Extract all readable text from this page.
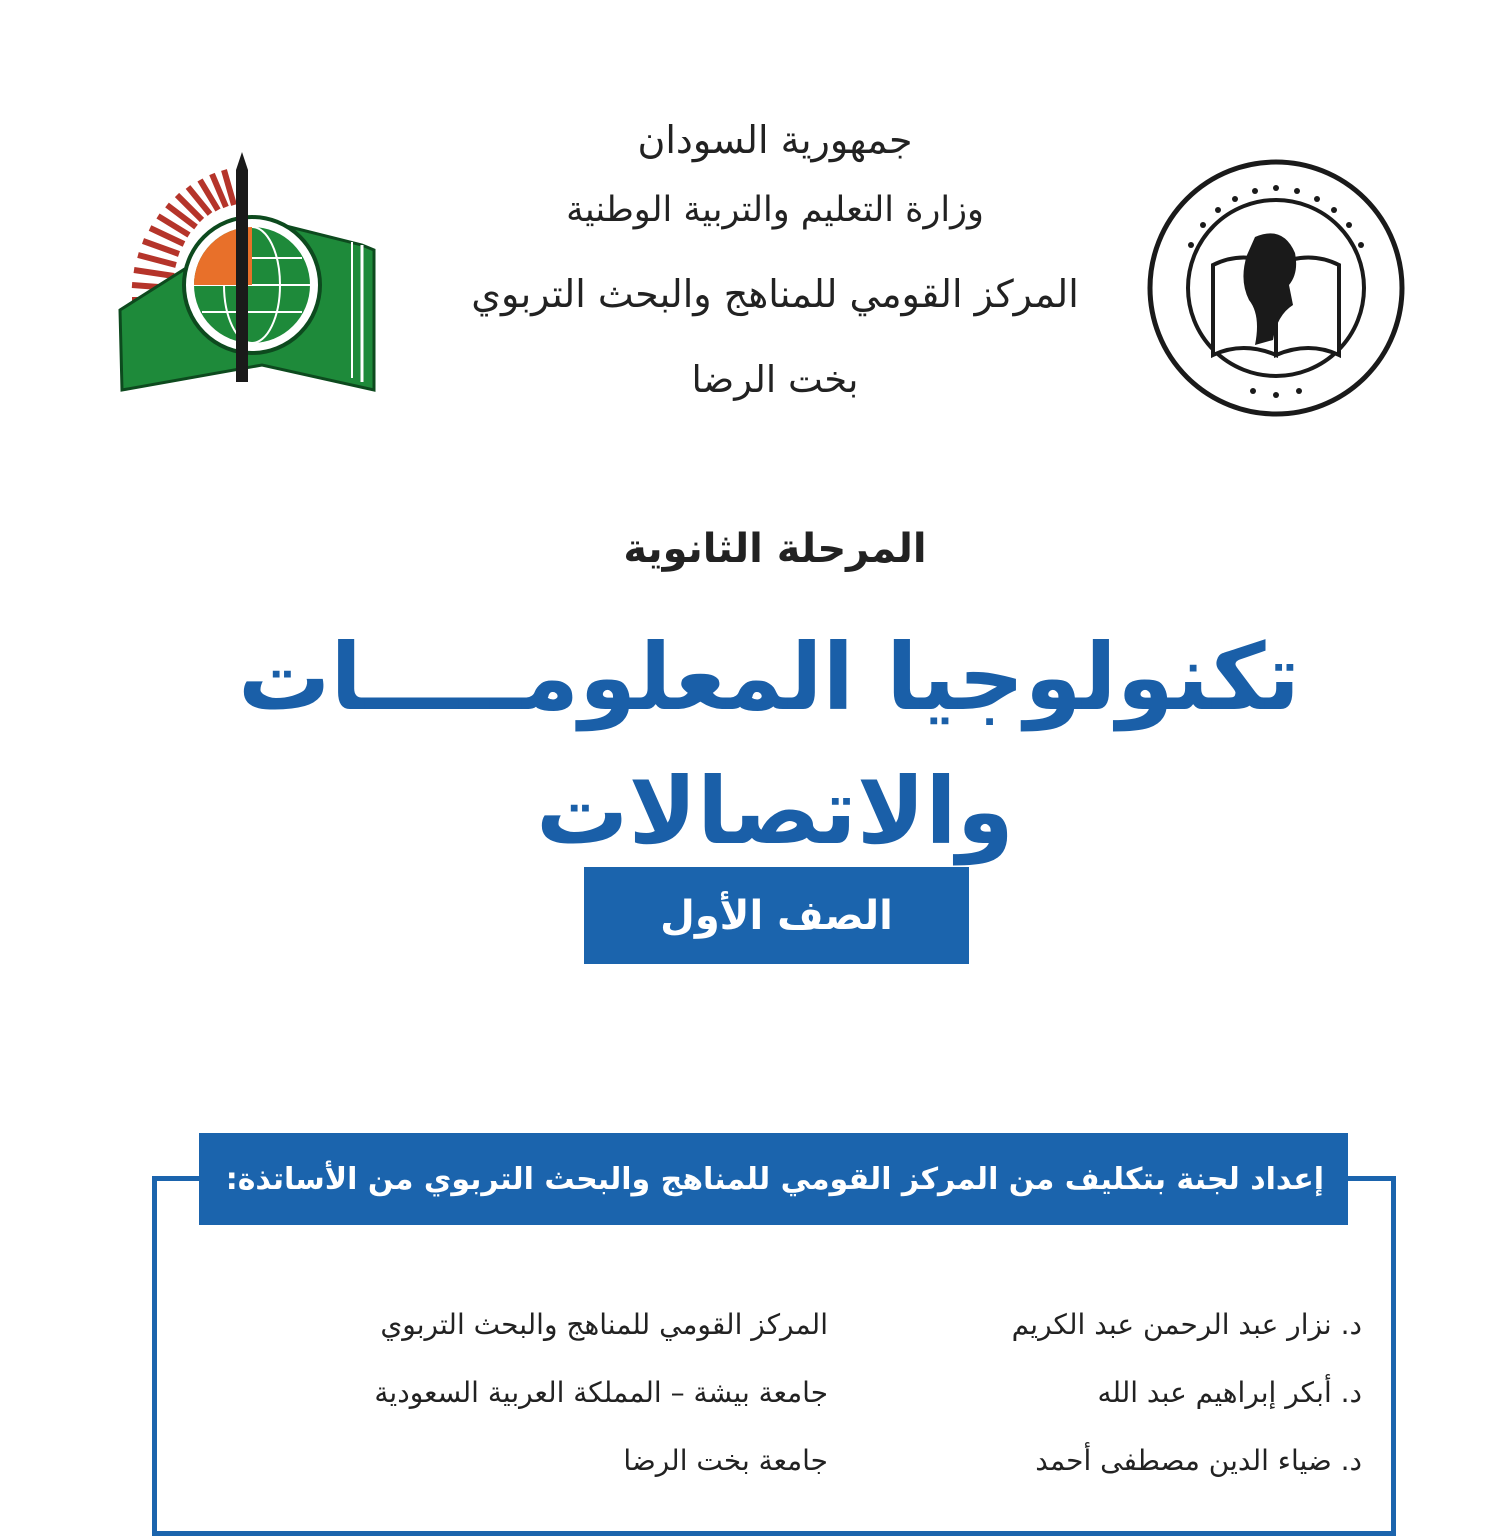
جمهورية السودان
وزارة التعليم والتربية الوطنية
المركز القومي للمناهج والبحث التربوي
بخت الرضا
المرحلة الثانوية
تكنولوجيا المعلومـــــات
والاتصالات
الصف الأول
إعداد لجنة بتكليف من المركز القومي للمناهج والبحث التربوي من الأساتذة:
د. نزار عبد الرحمن عبد الكريم
المركز القومي للمناهج والبحث التربوي
د. أبكر إبراهيم عبد الله
جامعة بيشة – المملكة العربية السعودية
د. ضياء الدين مصطفى أحمد
جامعة بخت الرضا
